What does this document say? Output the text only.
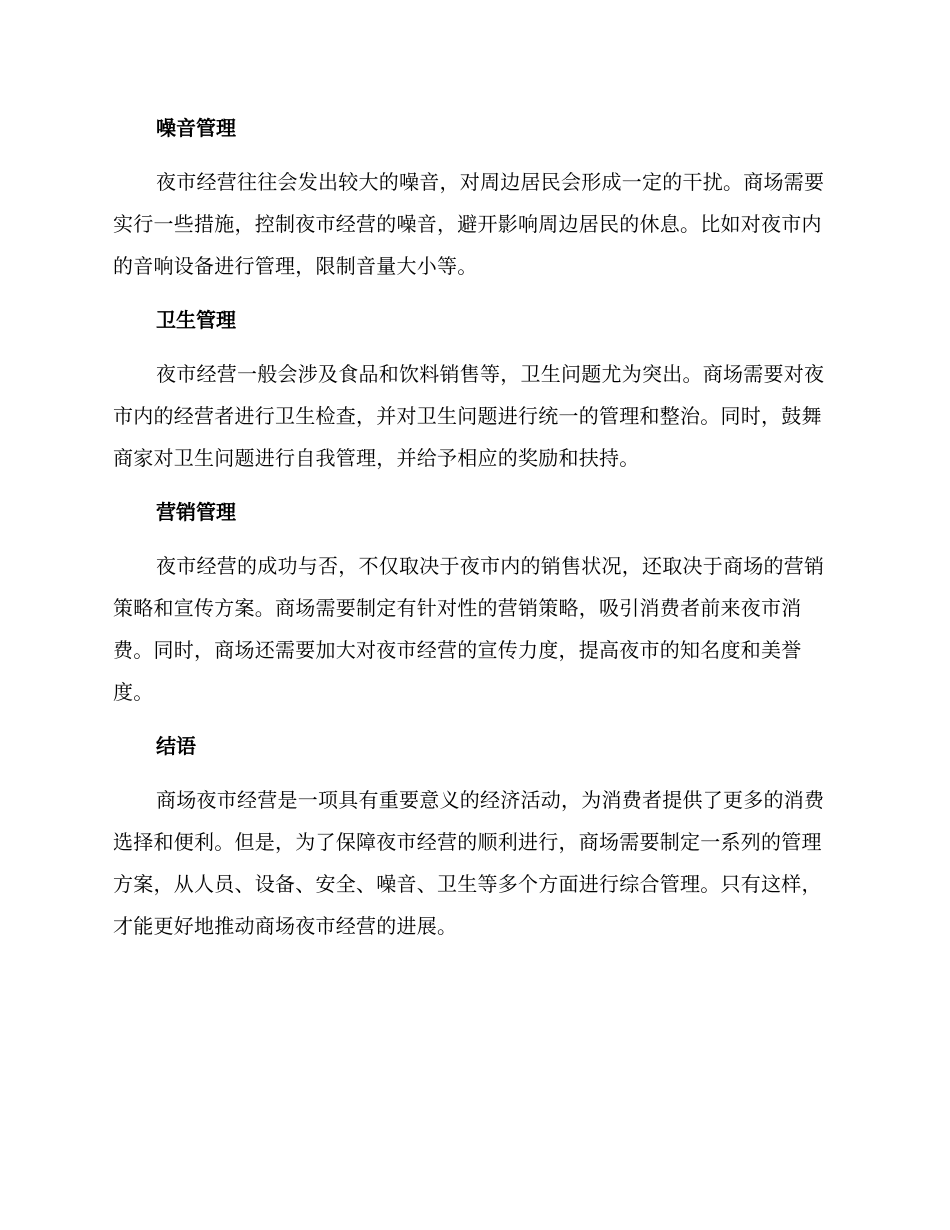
噪音管理

夜市经营往往会发出较大的噪音，对周边居民会形成一定的干扰。商场需要实行一些措施，控制夜市经营的噪音，避开影响周边居民的休息。比如对夜市内的音响设备进行管理，限制音量大小等。

卫生管理

夜市经营一般会涉及食品和饮料销售等，卫生问题尤为突出。商场需要对夜市内的经营者进行卫生检查，并对卫生问题进行统一的管理和整治。同时，鼓舞商家对卫生问题进行自我管理，并给予相应的奖励和扶持。

营销管理

夜市经营的成功与否，不仅取决于夜市内的销售状况，还取决于商场的营销策略和宣传方案。商场需要制定有针对性的营销策略，吸引消费者前来夜市消费。同时，商场还需要加大对夜市经营的宣传力度，提高夜市的知名度和美誉度。

结语

商场夜市经营是一项具有重要意义的经济活动，为消费者提供了更多的消费选择和便利。但是，为了保障夜市经营的顺利进行，商场需要制定一系列的管理方案，从人员、设备、安全、噪音、卫生等多个方面进行综合管理。只有这样，才能更好地推动商场夜市经营的进展。
